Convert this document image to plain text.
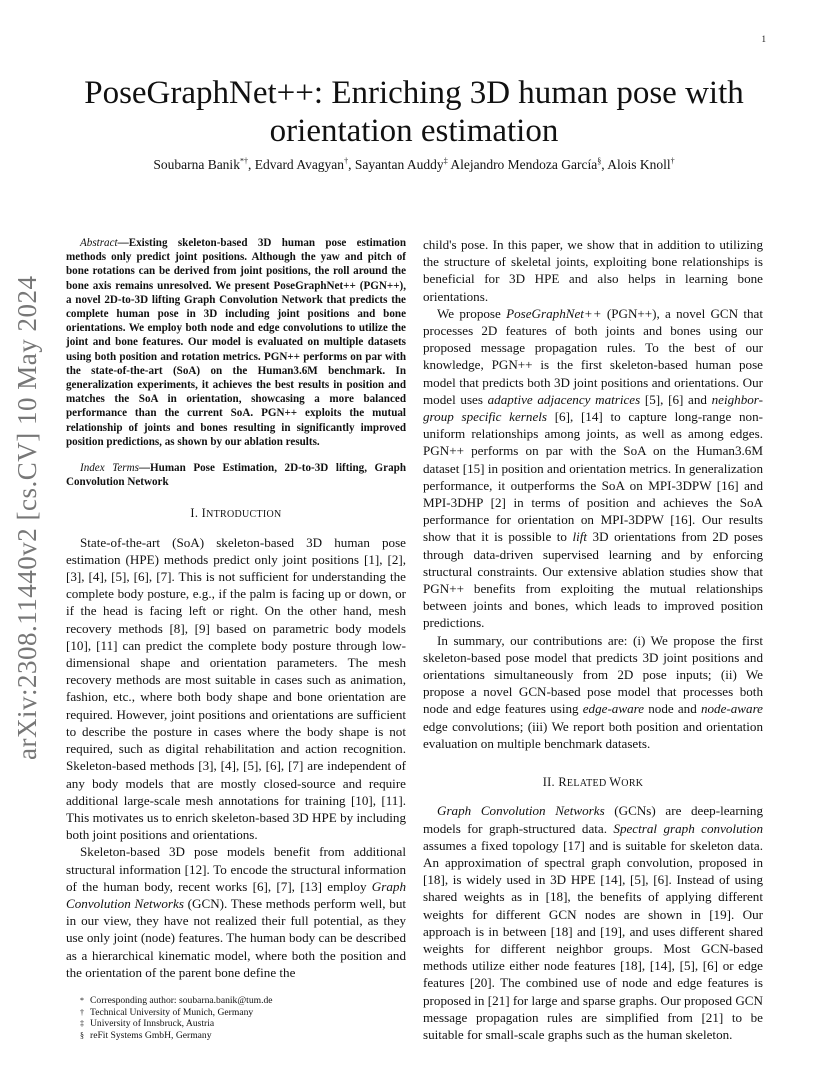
1
arXiv:2308.11440v2 [cs.CV] 10 May 2024
PoseGraphNet++: Enriching 3D human pose with orientation estimation
Soubarna Banik*†, Edvard Avagyan†, Sayantan Auddy‡ Alejandro Mendoza García§, Alois Knoll†

Abstract—Existing skeleton-based 3D human pose estimation methods only predict joint positions. Although the yaw and pitch of bone rotations can be derived from joint positions, the roll around the bone axis remains unresolved. We present PoseGraphNet++ (PGN++), a novel 2D-to-3D lifting Graph Convolution Network that predicts the complete human pose in 3D including joint positions and bone orientations. We employ both node and edge convolutions to utilize the joint and bone features. Our model is evaluated on multiple datasets using both position and rotation metrics. PGN++ performs on par with the state-of-the-art (SoA) on the Human3.6M benchmark. In generalization experiments, it achieves the best results in position and matches the SoA in orientation, showcasing a more balanced performance than the current SoA. PGN++ exploits the mutual relationship of joints and bones resulting in significantly improved position predictions, as shown by our ablation results.

Index Terms—Human Pose Estimation, 2D-to-3D lifting, Graph Convolution Network

I. INTRODUCTION

State-of-the-art (SoA) skeleton-based 3D human pose estimation (HPE) methods predict only joint positions [1], [2], [3], [4], [5], [6], [7]. This is not sufficient for understanding the complete body posture, e.g., if the palm is facing up or down, or if the head is facing left or right. On the other hand, mesh recovery methods [8], [9] based on parametric body models [10], [11] can predict the complete body posture through low-dimensional shape and orientation parameters. The mesh recovery methods are most suitable in cases such as animation, fashion, etc., where both body shape and bone orientation are required. However, joint positions and orientations are sufficient to describe the posture in cases where the body shape is not required, such as digital rehabilitation and action recognition. Skeleton-based methods [3], [4], [5], [6], [7] are independent of any body models that are mostly closed-source and require additional large-scale mesh annotations for training [10], [11]. This motivates us to enrich skeleton-based 3D HPE by including both joint positions and orientations.

Skeleton-based 3D pose models benefit from additional structural information [12]. To encode the structural information of the human body, recent works [6], [7], [13] employ Graph Convolution Networks (GCN). These methods perform well, but in our view, they have not realized their full potential, as they use only joint (node) features. The human body can be described as a hierarchical kinematic model, where both the position and the orientation of the parent bone define the

* Corresponding author: soubarna.banik@tum.de
† Technical University of Munich, Germany
‡ University of Innsbruck, Austria
§ reFit Systems GmbH, Germany

child's pose. In this paper, we show that in addition to utilizing the structure of skeletal joints, exploiting bone relationships is beneficial for 3D HPE and also helps in learning bone orientations.

We propose PoseGraphNet++ (PGN++), a novel GCN that processes 2D features of both joints and bones using our proposed message propagation rules. To the best of our knowledge, PGN++ is the first skeleton-based human pose model that predicts both 3D joint positions and orientations. Our model uses adaptive adjacency matrices [5], [6] and neighbor-group specific kernels [6], [14] to capture long-range non-uniform relationships among joints, as well as among edges. PGN++ performs on par with the SoA on the Human3.6M dataset [15] in position and orientation metrics. In generalization performance, it outperforms the SoA on MPI-3DPW [16] and MPI-3DHP [2] in terms of position and achieves the SoA performance for orientation on MPI-3DPW [16]. Our results show that it is possible to lift 3D orientations from 2D poses through data-driven supervised learning and by enforcing structural constraints. Our extensive ablation studies show that PGN++ benefits from exploiting the mutual relationships between joints and bones, which leads to improved position predictions.

In summary, our contributions are: (i) We propose the first skeleton-based pose model that predicts 3D joint positions and orientations simultaneously from 2D pose inputs; (ii) We propose a novel GCN-based pose model that processes both node and edge features using edge-aware node and node-aware edge convolutions; (iii) We report both position and orientation evaluation on multiple benchmark datasets.

II. RELATED WORK

Graph Convolution Networks (GCNs) are deep-learning models for graph-structured data. Spectral graph convolution assumes a fixed topology [17] and is suitable for skeleton data. An approximation of spectral graph convolution, proposed in [18], is widely used in 3D HPE [14], [5], [6]. Instead of using shared weights as in [18], the benefits of applying different weights for different GCN nodes are shown in [19]. Our approach is in between [18] and [19], and uses different shared weights for different neighbor groups. Most GCN-based methods utilize either node features [18], [14], [5], [6] or edge features [20]. The combined use of node and edge features is proposed in [21] for large and sparse graphs. Our proposed GCN message propagation rules are simplified from [21] to be suitable for small-scale graphs such as the human skeleton.
